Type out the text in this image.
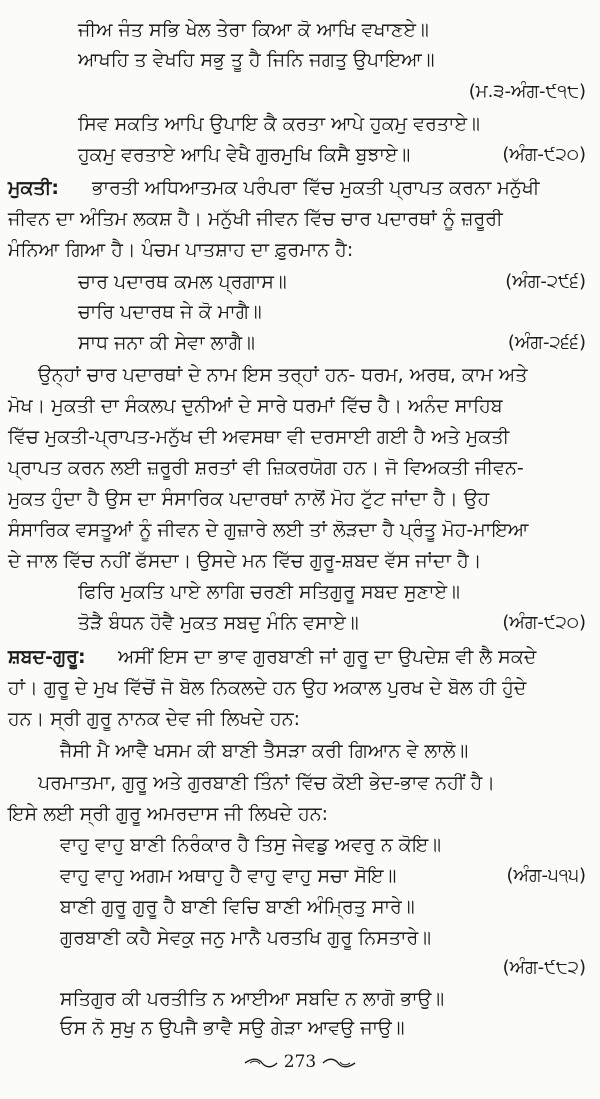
ਜੀਅ ਜੰਤ ਸਭਿ ਖੇਲ ਤੇਰਾ ਕਿਆ ਕੋ ਆਖਿ ਵਖਾਣਏ॥
ਆਖਹਿ ਤ ਵੇਖਹਿ ਸਭੁ ਤੂ ਹੈ ਜਿਨਿ ਜਗਤੁ ਉਪਾਇਆ॥
(ਮ.੩-ਅੰਗ-੯੧੮)
ਸਿਵ ਸਕਤਿ ਆਪਿ ਉਪਾਇ ਕੈ ਕਰਤਾ ਆਪੇ ਹੁਕਮੁ ਵਰਤਾਏ॥
ਹੁਕਮੁ ਵਰਤਾਏ ਆਪਿ ਵੇਖੈ ਗੁਰਮੁਖਿ ਕਿਸੈ ਬੁਝਾਏ॥	(ਅੰਗ-੯੨੦)
ਮੁਕਤੀ: ਭਾਰਤੀ ਅਧਿਆਤਮਕ ਪਰੰਪਰਾ ਵਿੱਚ ਮੁਕਤੀ ਪ੍ਰਾਪਤ ਕਰਨਾ ਮਨੁੱਖੀ
ਜੀਵਨ ਦਾ ਅੰਤਿਮ ਲਕਸ਼ ਹੈ। ਮਨੁੱਖੀ ਜੀਵਨ ਵਿੱਚ ਚਾਰ ਪਦਾਰਥਾਂ ਨੂੰ ਜ਼ਰੂਰੀ
ਮੰਨਿਆ ਗਿਆ ਹੈ। ਪੰਚਮ ਪਾਤਸ਼ਾਹ ਦਾ ਫ਼ੁਰਮਾਨ ਹੈ:
ਚਾਰ ਪਦਾਰਥ ਕਮਲ ਪ੍ਰਗਾਸ॥	(ਅੰਗ-੨੯੬)
ਚਾਰਿ ਪਦਾਰਥ ਜੇ ਕੋ ਮਾਗੈ॥
ਸਾਧ ਜਨਾ ਕੀ ਸੇਵਾ ਲਾਗੈ॥	(ਅੰਗ-੨੬੬)
ਉਨ੍ਹਾਂ ਚਾਰ ਪਦਾਰਥਾਂ ਦੇ ਨਾਮ ਇਸ ਤਰ੍ਹਾਂ ਹਨ- ਧਰਮ, ਅਰਥ, ਕਾਮ ਅਤੇ
ਮੋਖ। ਮੁਕਤੀ ਦਾ ਸੰਕਲਪ ਦੁਨੀਆਂ ਦੇ ਸਾਰੇ ਧਰਮਾਂ ਵਿੱਚ ਹੈ। ਅਨੰਦ ਸਾਹਿਬ
ਵਿੱਚ ਮੁਕਤੀ-ਪ੍ਰਾਪਤ-ਮਨੁੱਖ ਦੀ ਅਵਸਥਾ ਵੀ ਦਰਸਾਈ ਗਈ ਹੈ ਅਤੇ ਮੁਕਤੀ
ਪ੍ਰਾਪਤ ਕਰਨ ਲਈ ਜ਼ਰੂਰੀ ਸ਼ਰਤਾਂ ਵੀ ਜ਼ਿਕਰਯੋਗ ਹਨ। ਜੋ ਵਿਅਕਤੀ ਜੀਵਨ-
ਮੁਕਤ ਹੁੰਦਾ ਹੈ ਉਸ ਦਾ ਸੰਸਾਰਿਕ ਪਦਾਰਥਾਂ ਨਾਲੋਂ ਮੋਹ ਟੁੱਟ ਜਾਂਦਾ ਹੈ। ਉਹ
ਸੰਸਾਰਿਕ ਵਸਤੂਆਂ ਨੂੰ ਜੀਵਨ ਦੇ ਗੁਜ਼ਾਰੇ ਲਈ ਤਾਂ ਲੋੜਦਾ ਹੈ ਪ੍ਰੰਤੂ ਮੋਹ-ਮਾਇਆ
ਦੇ ਜਾਲ ਵਿੱਚ ਨਹੀਂ ਫੱਸਦਾ। ਉਸਦੇ ਮਨ ਵਿੱਚ ਗੁਰੂ-ਸ਼ਬਦ ਵੱਸ ਜਾਂਦਾ ਹੈ।
ਫਿਰਿ ਮੁਕਤਿ ਪਾਏ ਲਾਗਿ ਚਰਣੀ ਸਤਿਗੁਰੂ ਸਬਦ ਸੁਣਾਏ॥
ਤੋੜੈ ਬੰਧਨ ਹੋਵੈ ਮੁਕਤ ਸਬਦੁ ਮੰਨਿ ਵਸਾਏ॥	(ਅੰਗ-੯੨੦)
ਸ਼ਬਦ-ਗੁਰੂ: ਅਸੀਂ ਇਸ ਦਾ ਭਾਵ ਗੁਰਬਾਣੀ ਜਾਂ ਗੁਰੂ ਦਾ ਉਪਦੇਸ਼ ਵੀ ਲੈ ਸਕਦੇ
ਹਾਂ। ਗੁਰੂ ਦੇ ਮੁਖ ਵਿੱਚੋਂ ਜੋ ਬੋਲ ਨਿਕਲਦੇ ਹਨ ਉਹ ਅਕਾਲ ਪੁਰਖ ਦੇ ਬੋਲ ਹੀ ਹੁੰਦੇ
ਹਨ। ਸ੍ਰੀ ਗੁਰੂ ਨਾਨਕ ਦੇਵ ਜੀ ਲਿਖਦੇ ਹਨ:
ਜੈਸੀ ਮੈ ਆਵੈ ਖਸਮ ਕੀ ਬਾਣੀ ਤੈਸੜਾ ਕਰੀ ਗਿਆਨ ਵੇ ਲਾਲੋ॥
ਪਰਮਾਤਮਾ, ਗੁਰੂ ਅਤੇ ਗੁਰਬਾਣੀ ਤਿੰਨਾਂ ਵਿੱਚ ਕੋਈ ਭੇਦ-ਭਾਵ ਨਹੀਂ ਹੈ।
ਇਸੇ ਲਈ ਸ੍ਰੀ ਗੁਰੂ ਅਮਰਦਾਸ ਜੀ ਲਿਖਦੇ ਹਨ:
ਵਾਹੁ ਵਾਹੁ ਬਾਣੀ ਨਿਰੰਕਾਰ ਹੈ ਤਿਸੁ ਜੇਵਡੁ ਅਵਰੁ ਨ ਕੋਇ॥
ਵਾਹੁ ਵਾਹੁ ਅਗਮ ਅਥਾਹੁ ਹੈ ਵਾਹੁ ਵਾਹੁ ਸਚਾ ਸੋਇ॥	(ਅੰਗ-੫੧੫)
ਬਾਣੀ ਗੁਰੂ ਗੁਰੂ ਹੈ ਬਾਣੀ ਵਿਚਿ ਬਾਣੀ ਅੰਮ੍ਰਿਤੁ ਸਾਰੇ॥
ਗੁਰਬਾਣੀ ਕਹੈ ਸੇਵਕੁ ਜਨੁ ਮਾਨੈ ਪਰਤਖਿ ਗੁਰੂ ਨਿਸਤਾਰੇ॥
(ਅੰਗ-੯੮੨)
ਸਤਿਗੁਰ ਕੀ ਪਰਤੀਤਿ ਨ ਆਈਆ ਸਬਦਿ ਨ ਲਾਗੋ ਭਾਉ॥
ਓਸ ਨੋ ਸੁਖੁ ਨ ਉਪਜੈ ਭਾਵੈ ਸਉ ਗੇੜਾ ਆਵਉ ਜਾਉ॥
273
